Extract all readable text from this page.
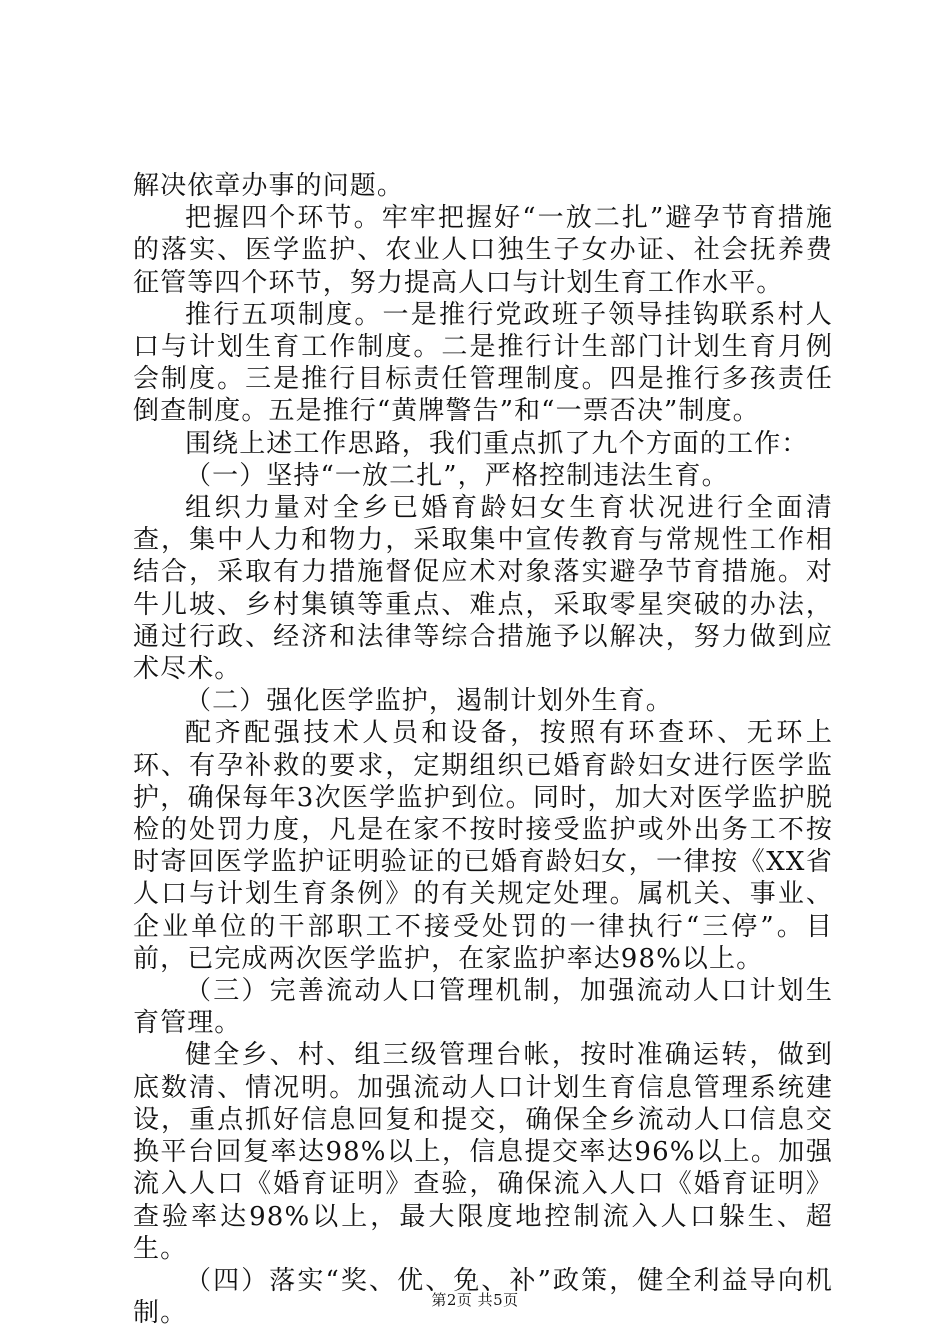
解决依章办事的问题。

把握四个环节。牢牢把握好“一放二扎”避孕节育措施的落实、医学监护、农业人口独生子女办证、社会抚养费征管等四个环节，努力提高人口与计划生育工作水平。

推行五项制度。一是推行党政班子领导挂钩联系村人口与计划生育工作制度。二是推行计生部门计划生育月例会制度。三是推行目标责任管理制度。四是推行多孩责任倒查制度。五是推行“黄牌警告”和“一票否决”制度。

围绕上述工作思路，我们重点抓了九个方面的工作：

（一）坚持“一放二扎”，严格控制违法生育。

组织力量对全乡已婚育龄妇女生育状况进行全面清查，集中人力和物力，采取集中宣传教育与常规性工作相结合，采取有力措施督促应术对象落实避孕节育措施。对牛儿坡、乡村集镇等重点、难点，采取零星突破的办法，通过行政、经济和法律等综合措施予以解决，努力做到应术尽术。

（二）强化医学监护，遏制计划外生育。

配齐配强技术人员和设备，按照有环查环、无环上环、有孕补救的要求，定期组织已婚育龄妇女进行医学监护，确保每年3次医学监护到位。同时，加大对医学监护脱检的处罚力度，凡是在家不按时接受监护或外出务工不按时寄回医学监护证明验证的已婚育龄妇女，一律按《XX省人口与计划生育条例》的有关规定处理。属机关、事业、企业单位的干部职工不接受处罚的一律执行“三停”。目前，已完成两次医学监护，在家监护率达98%以上。

（三）完善流动人口管理机制，加强流动人口计划生育管理。

健全乡、村、组三级管理台帐，按时准确运转，做到底数清、情况明。加强流动人口计划生育信息管理系统建设，重点抓好信息回复和提交，确保全乡流动人口信息交换平台回复率达98%以上，信息提交率达96%以上。加强流入人口《婚育证明》查验，确保流入人口《婚育证明》查验率达98%以上，最大限度地控制流入人口躲生、超生。

（四）落实“奖、优、免、补”政策，健全利益导向机制。	第2页 共5页
